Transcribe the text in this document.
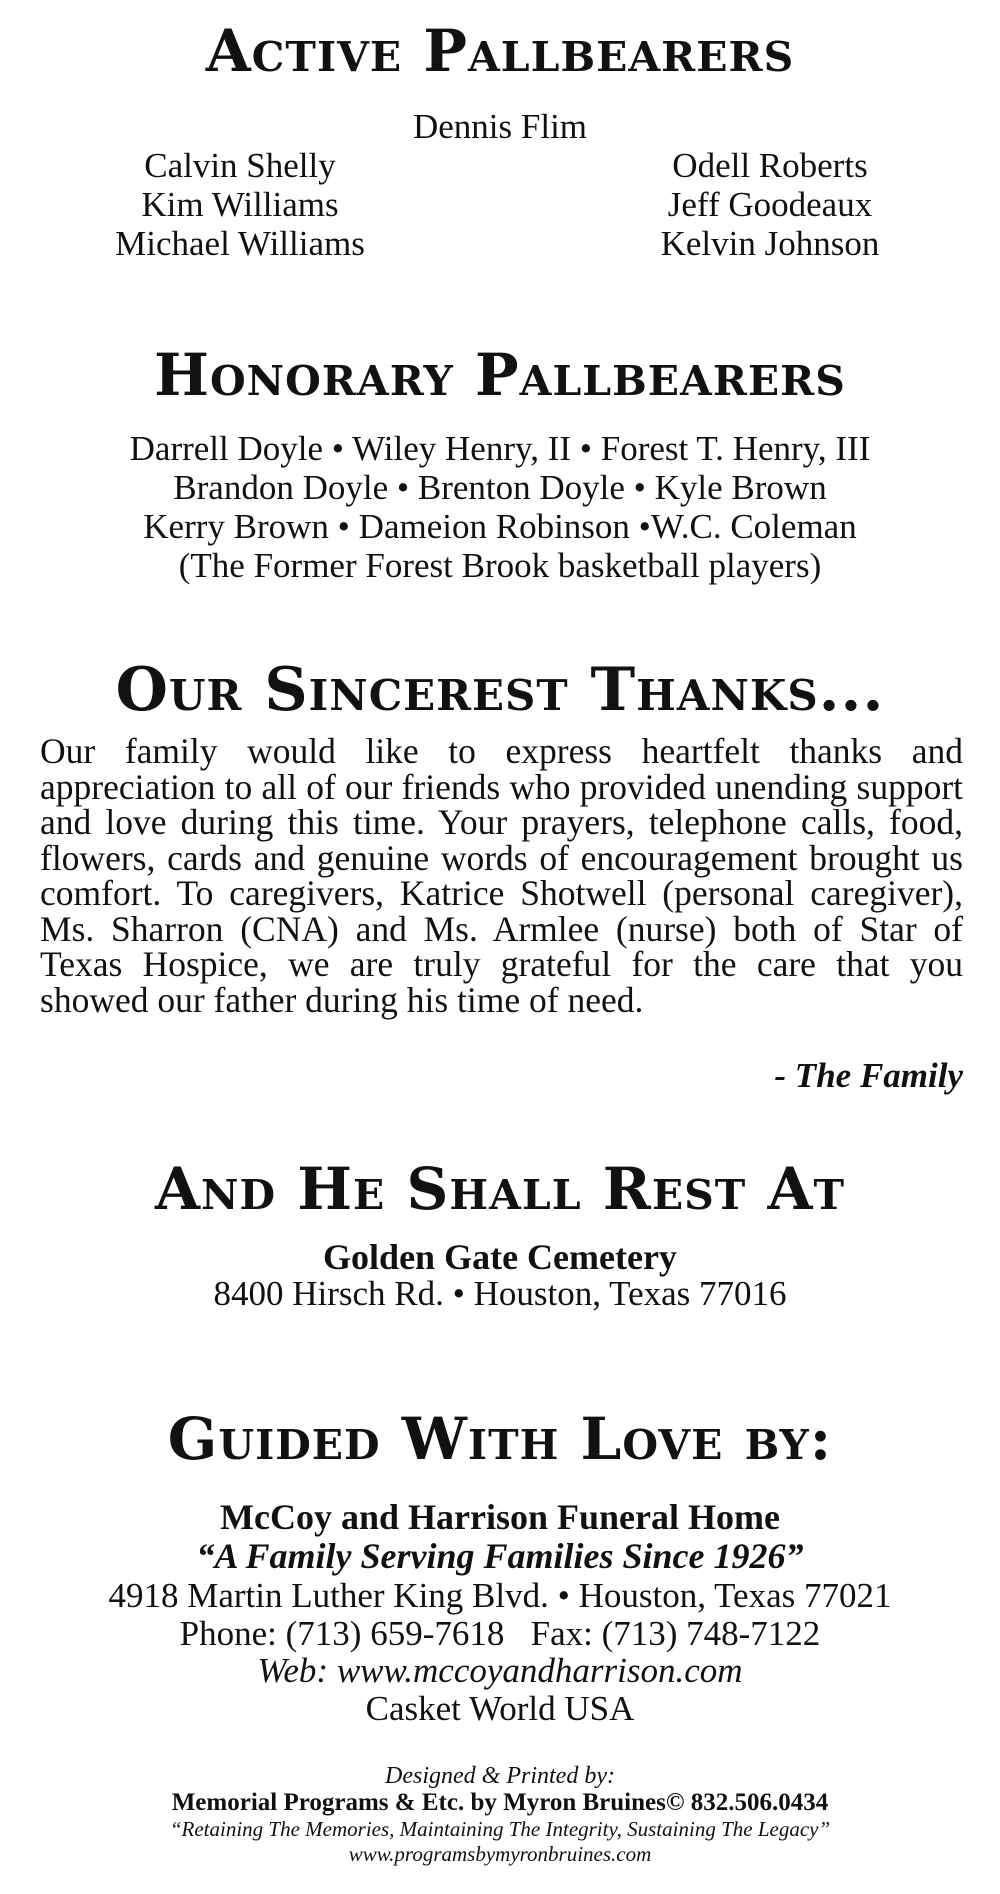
Active Pallbearers
Dennis Flim
Calvin Shelly
Kim Williams
Michael Williams
Odell Roberts
Jeff Goodeaux
Kelvin Johnson
Honorary Pallbearers
Darrell Doyle • Wiley Henry, II • Forest T. Henry, III
Brandon Doyle • Brenton Doyle • Kyle Brown
Kerry Brown • Dameion Robinson •W.C. Coleman
(The Former Forest Brook basketball players)
Our Sincerest Thanks...

Our family would like to express heartfelt thanks and appreciation to all of our friends who provided unending support and love during this time. Your prayers, telephone calls, food, flowers, cards and genuine words of encouragement brought us comfort. To caregivers, Katrice Shotwell (personal caregiver), Ms. Sharron (CNA) and Ms. Armlee (nurse) both of Star of Texas Hospice, we are truly grateful for the care that you showed our father during his time of need.

- The Family

And He Shall Rest At
Golden Gate Cemetery
8400 Hirsch Rd. • Houston, Texas 77016
Guided With Love by:
McCoy and Harrison Funeral Home
“A Family Serving Families Since 1926”
4918 Martin Luther King Blvd. • Houston, Texas 77021
Phone: (713) 659-7618   Fax: (713) 748-7122
Web: www.mccoyandharrison.com
Casket World USA
Designed & Printed by:
Memorial Programs & Etc. by Myron Bruines© 832.506.0434
“Retaining The Memories, Maintaining The Integrity, Sustaining The Legacy”
www.programsbymyronbruines.com
